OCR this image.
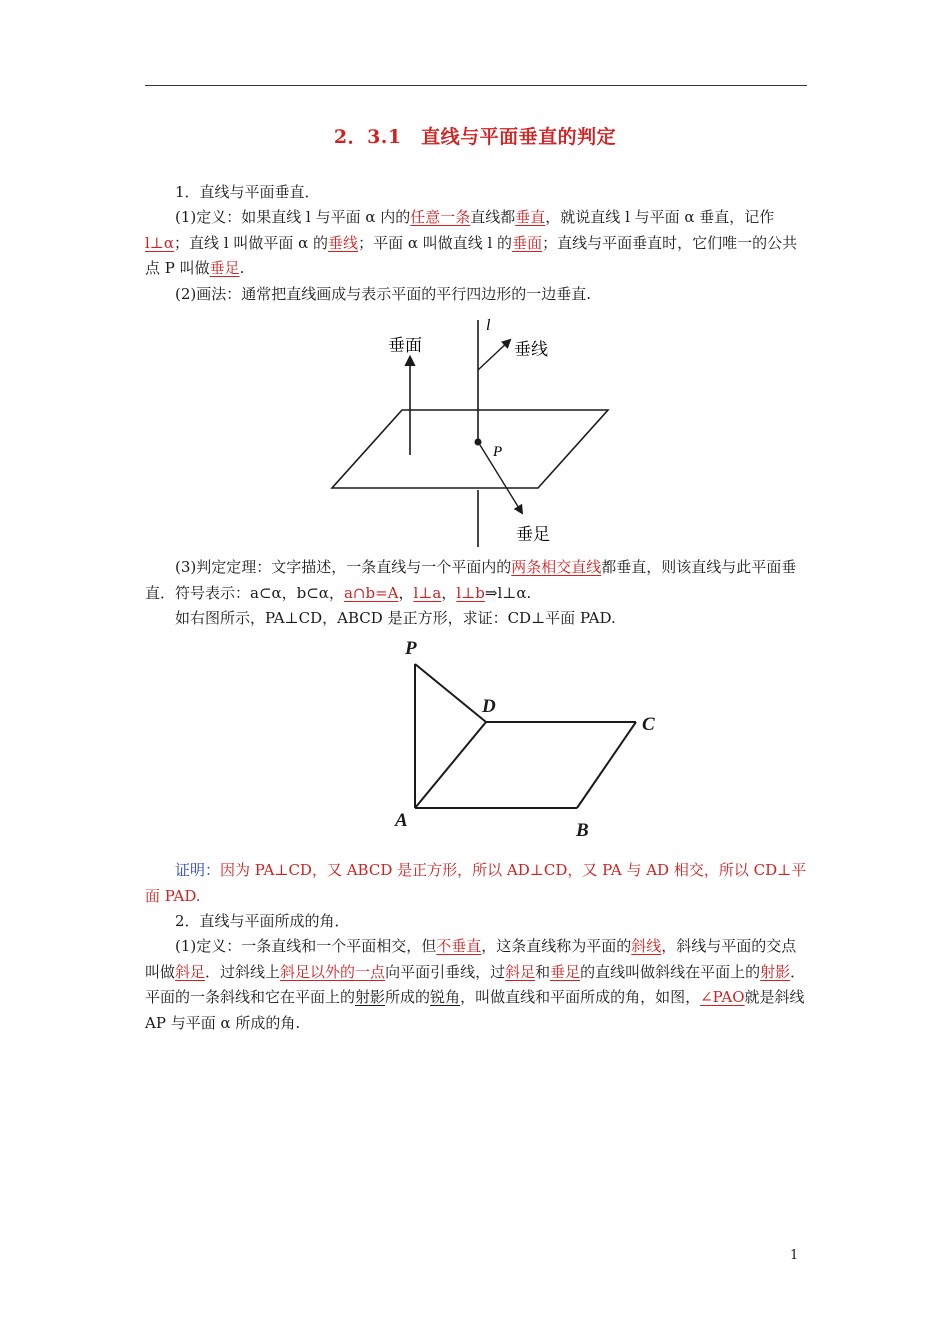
2．3.1　直线与平面垂直的判定

1．直线与平面垂直．

(1)定义：如果直线 l 与平面 α 内的任意一条直线都垂直，就说直线 l 与平面 α 垂直，记作l⊥α；直线 l 叫做平面 α 的垂线；平面 α 叫做直线 l 的垂面；直线与平面垂直时，它们唯一的公共点 P 叫做垂足.

(2)画法：通常把直线画成与表示平面的平行四边形的一边垂直.

垂面
l
垂线
P
垂足

(3)判定定理：文字描述，一条直线与一个平面内的两条相交直线都垂直，则该直线与此平面垂直．符号表示：a⊂α，b⊂α，a∩b=A，l⊥a，l⊥b⇒l⊥α.

如右图所示，PA⊥CD，ABCD 是正方形，求证：CD⊥平面 PAD.

P
D
C
A	B

证明：因为 PA⊥CD，又 ABCD 是正方形，所以 AD⊥CD，又 PA 与 AD 相交，所以 CD⊥平面 PAD.

2．直线与平面所成的角．

(1)定义：一条直线和一个平面相交，但不垂直，这条直线称为平面的斜线，斜线与平面的交点叫做斜足．过斜线上斜足以外的一点向平面引垂线，过斜足和垂足的直线叫做斜线在平面上的射影．平面的一条斜线和它在平面上的射影所成的锐角，叫做直线和平面所成的角，如图，∠PAO就是斜线 AP 与平面 α 所成的角.

1
